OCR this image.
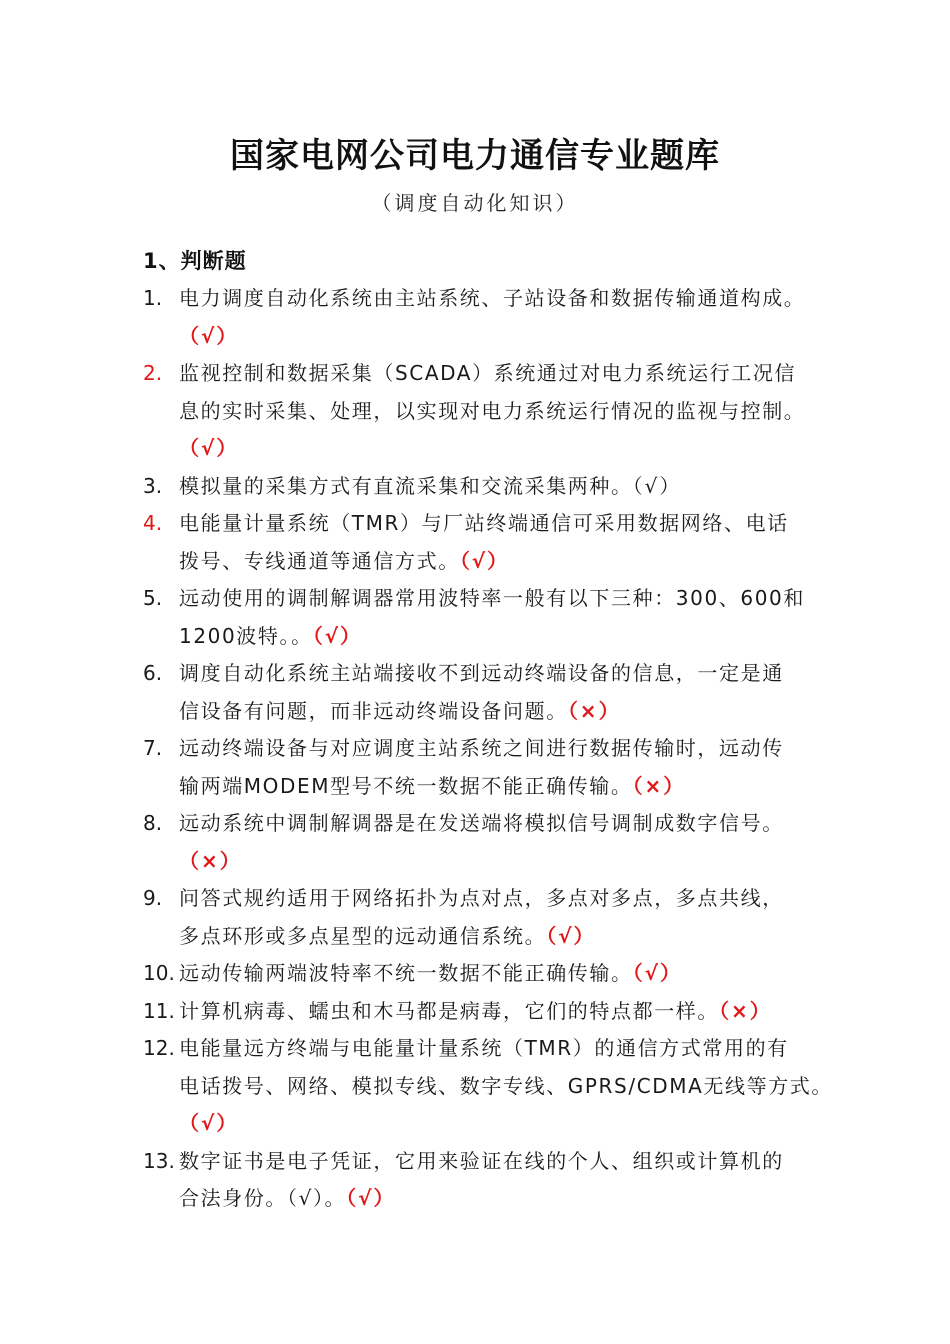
国家电网公司电力通信专业题库
（调度自动化知识）
1、判断题
1. 电力调度自动化系统由主站系统、子站设备和数据传输通道构成。
（√）
2. 监视控制和数据采集（SCADA）系统通过对电力系统运行工况信
息的实时采集、处理，以实现对电力系统运行情况的监视与控制。
（√）
3. 模拟量的采集方式有直流采集和交流采集两种。（√）
4. 电能量计量系统（TMR）与厂站终端通信可采用数据网络、电话
拨号、专线通道等通信方式。（√）
5. 远动使用的调制解调器常用波特率一般有以下三种：300、600和
1200波特。。（√）
6. 调度自动化系统主站端接收不到远动终端设备的信息，一定是通
信设备有问题，而非远动终端设备问题。（×）
7. 远动终端设备与对应调度主站系统之间进行数据传输时，远动传
输两端MODEM型号不统一数据不能正确传输。（×）
8. 远动系统中调制解调器是在发送端将模拟信号调制成数字信号。
（×）
9. 问答式规约适用于网络拓扑为点对点，多点对多点，多点共线，
多点环形或多点星型的远动通信系统。（√）
10. 远动传输两端波特率不统一数据不能正确传输。（√）
11. 计算机病毒、蠕虫和木马都是病毒，它们的特点都一样。（×）
12. 电能量远方终端与电能量计量系统（TMR）的通信方式常用的有
电话拨号、网络、模拟专线、数字专线、GPRS/CDMA无线等方式。
（√）
13. 数字证书是电子凭证，它用来验证在线的个人、组织或计算机的
合法身份。（√）。（√）
